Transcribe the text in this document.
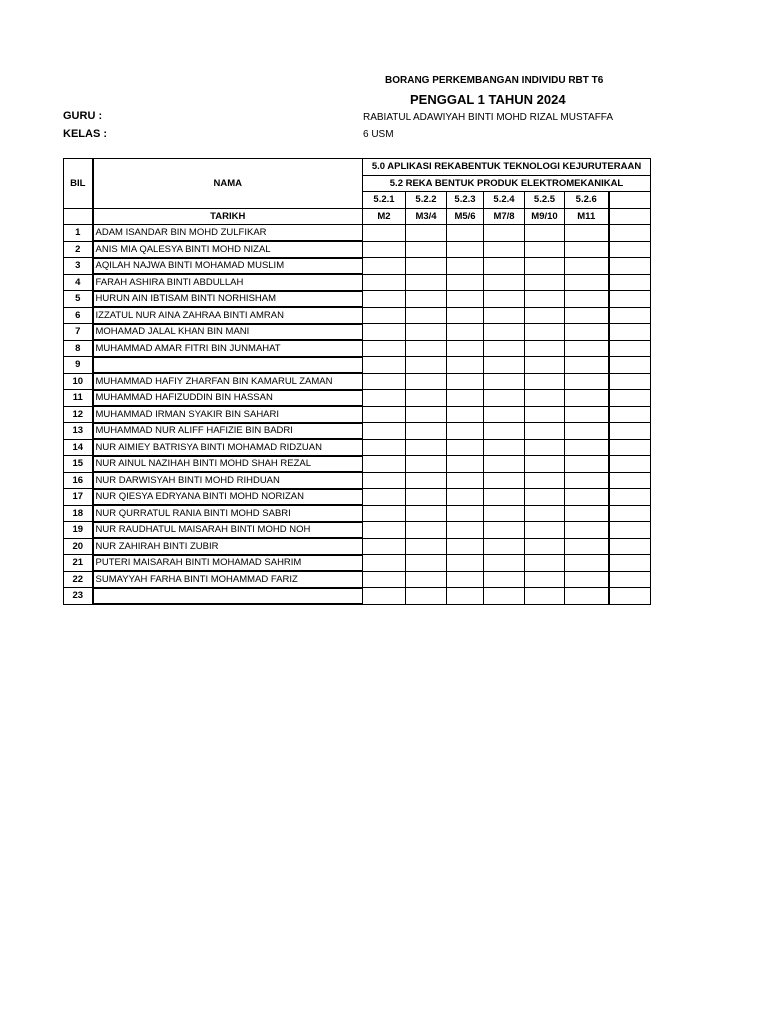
BORANG PERKEMBANGAN INDIVIDU RBT T6
PENGGAL 1 TAHUN 2024
GURU :	RABIATUL ADAWIYAH BINTI MOHD RIZAL MUSTAFFA
KELAS :	6 USM
BIL	NAMA	5.0 APLIKASI REKABENTUK TEKNOLOGI KEJURUTERAAN						
		5.2 REKA BENTUK PRODUK ELEKTROMEKANIKAL						
		5.2.1	5.2.2	5.2.3	5.2.4	5.2.5	5.2.6	
	TARIKH	M2	M3/4	M5/6	M7/8	M9/10	M11	
1	ADAM ISANDAR BIN MOHD ZULFIKAR							
2	ANIS MIA QALESYA BINTI MOHD NIZAL							
3	AQILAH NAJWA BINTI MOHAMAD MUSLIM							
4	FARAH ASHIRA BINTI ABDULLAH							
5	HURUN AIN IBTISAM BINTI NORHISHAM							
6	IZZATUL NUR AINA ZAHRAA BINTI AMRAN							
7	MOHAMAD JALAL KHAN BIN MANI							
8	MUHAMMAD AMAR FITRI BIN JUNMAHAT							
9								
10	MUHAMMAD HAFIY ZHARFAN BIN KAMARUL ZAMAN							
11	MUHAMMAD HAFIZUDDIN BIN HASSAN							
12	MUHAMMAD IRMAN SYAKIR BIN SAHARI							
13	MUHAMMAD NUR ALIFF HAFIZIE BIN BADRI							
14	NUR AIMIEY BATRISYA BINTI MOHAMAD RIDZUAN							
15	NUR AINUL NAZIHAH BINTI MOHD SHAH REZAL							
16	NUR DARWISYAH BINTI MOHD RIHDUAN							
17	NUR QIESYA EDRYANA BINTI MOHD NORIZAN							
18	NUR QURRATUL RANIA BINTI MOHD SABRI							
19	NUR RAUDHATUL MAISARAH BINTI MOHD NOH							
20	NUR ZAHIRAH BINTI ZUBIR							
21	PUTERI MAISARAH BINTI MOHAMAD SAHRIM							
22	SUMAYYAH FARHA BINTI MOHAMMAD FARIZ							
23								
